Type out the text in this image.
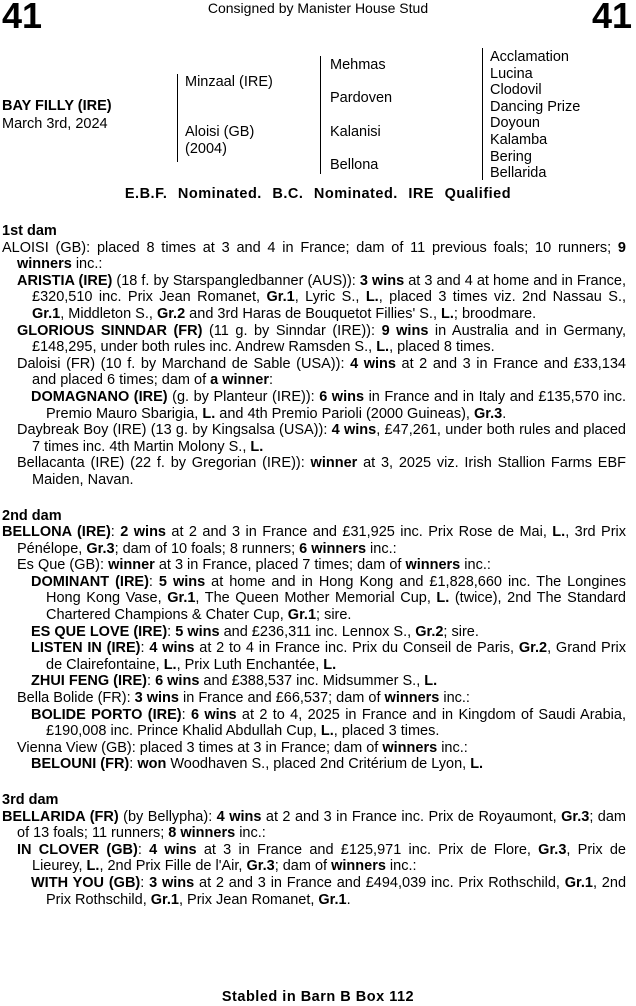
41	Consigned by Manister House Stud	41
BAY FILLY (IRE)
March 3rd, 2024
Minzaal (IRE)
Aloisi (GB)
(2004)
Mehmas
Pardoven
Kalanisi
Bellona
Acclamation
Lucina
Clodovil
Dancing Prize
Doyoun
Kalamba
Bering
Bellarida
E.B.F. Nominated. B.C. Nominated. IRE Qualified
1st dam
ALOISI (GB): placed 8 times at 3 and 4 in France; dam of 11 previous foals; 10 runners; 9 winners inc.:
ARISTIA (IRE) (18 f. by Starspangledbanner (AUS)): 3 wins at 3 and 4 at home and in France, £320,510 inc. Prix Jean Romanet, Gr.1, Lyric S., L., placed 3 times viz. 2nd Nassau S., Gr.1, Middleton S., Gr.2 and 3rd Haras de Bouquetot Fillies' S., L.; broodmare.
GLORIOUS SINNDAR (FR) (11 g. by Sinndar (IRE)): 9 wins in Australia and in Germany, £148,295, under both rules inc. Andrew Ramsden S., L., placed 8 times.
Daloisi (FR) (10 f. by Marchand de Sable (USA)): 4 wins at 2 and 3 in France and £33,134 and placed 6 times; dam of a winner:
DOMAGNANO (IRE) (g. by Planteur (IRE)): 6 wins in France and in Italy and £135,570 inc. Premio Mauro Sbarigia, L. and 4th Premio Parioli (2000 Guineas), Gr.3.
Daybreak Boy (IRE) (13 g. by Kingsalsa (USA)): 4 wins, £47,261, under both rules and placed 7 times inc. 4th Martin Molony S., L.
Bellacanta (IRE) (22 f. by Gregorian (IRE)): winner at 3, 2025 viz. Irish Stallion Farms EBF Maiden, Navan.
2nd dam
BELLONA (IRE): 2 wins at 2 and 3 in France and £31,925 inc. Prix Rose de Mai, L., 3rd Prix Pénélope, Gr.3; dam of 10 foals; 8 runners; 6 winners inc.:
Es Que (GB): winner at 3 in France, placed 7 times; dam of winners inc.:
DOMINANT (IRE): 5 wins at home and in Hong Kong and £1,828,660 inc. The Longines Hong Kong Vase, Gr.1, The Queen Mother Memorial Cup, L. (twice), 2nd The Standard Chartered Champions & Chater Cup, Gr.1; sire.
ES QUE LOVE (IRE): 5 wins and £236,311 inc. Lennox S., Gr.2; sire.
LISTEN IN (IRE): 4 wins at 2 to 4 in France inc. Prix du Conseil de Paris, Gr.2, Grand Prix de Clairefontaine, L., Prix Luth Enchantée, L.
ZHUI FENG (IRE): 6 wins and £388,537 inc. Midsummer S., L.
Bella Bolide (FR): 3 wins in France and £66,537; dam of winners inc.:
BOLIDE PORTO (IRE): 6 wins at 2 to 4, 2025 in France and in Kingdom of Saudi Arabia, £190,008 inc. Prince Khalid Abdullah Cup, L., placed 3 times.
Vienna View (GB): placed 3 times at 3 in France; dam of winners inc.:
BELOUNI (FR): won Woodhaven S., placed 2nd Critérium de Lyon, L.
3rd dam
BELLARIDA (FR) (by Bellypha): 4 wins at 2 and 3 in France inc. Prix de Royaumont, Gr.3; dam of 13 foals; 11 runners; 8 winners inc.:
IN CLOVER (GB): 4 wins at 3 in France and £125,971 inc. Prix de Flore, Gr.3, Prix de Lieurey, L., 2nd Prix Fille de l'Air, Gr.3; dam of winners inc.:
WITH YOU (GB): 3 wins at 2 and 3 in France and £494,039 inc. Prix Rothschild, Gr.1, 2nd Prix Rothschild, Gr.1, Prix Jean Romanet, Gr.1.
Stabled in Barn B Box 112
